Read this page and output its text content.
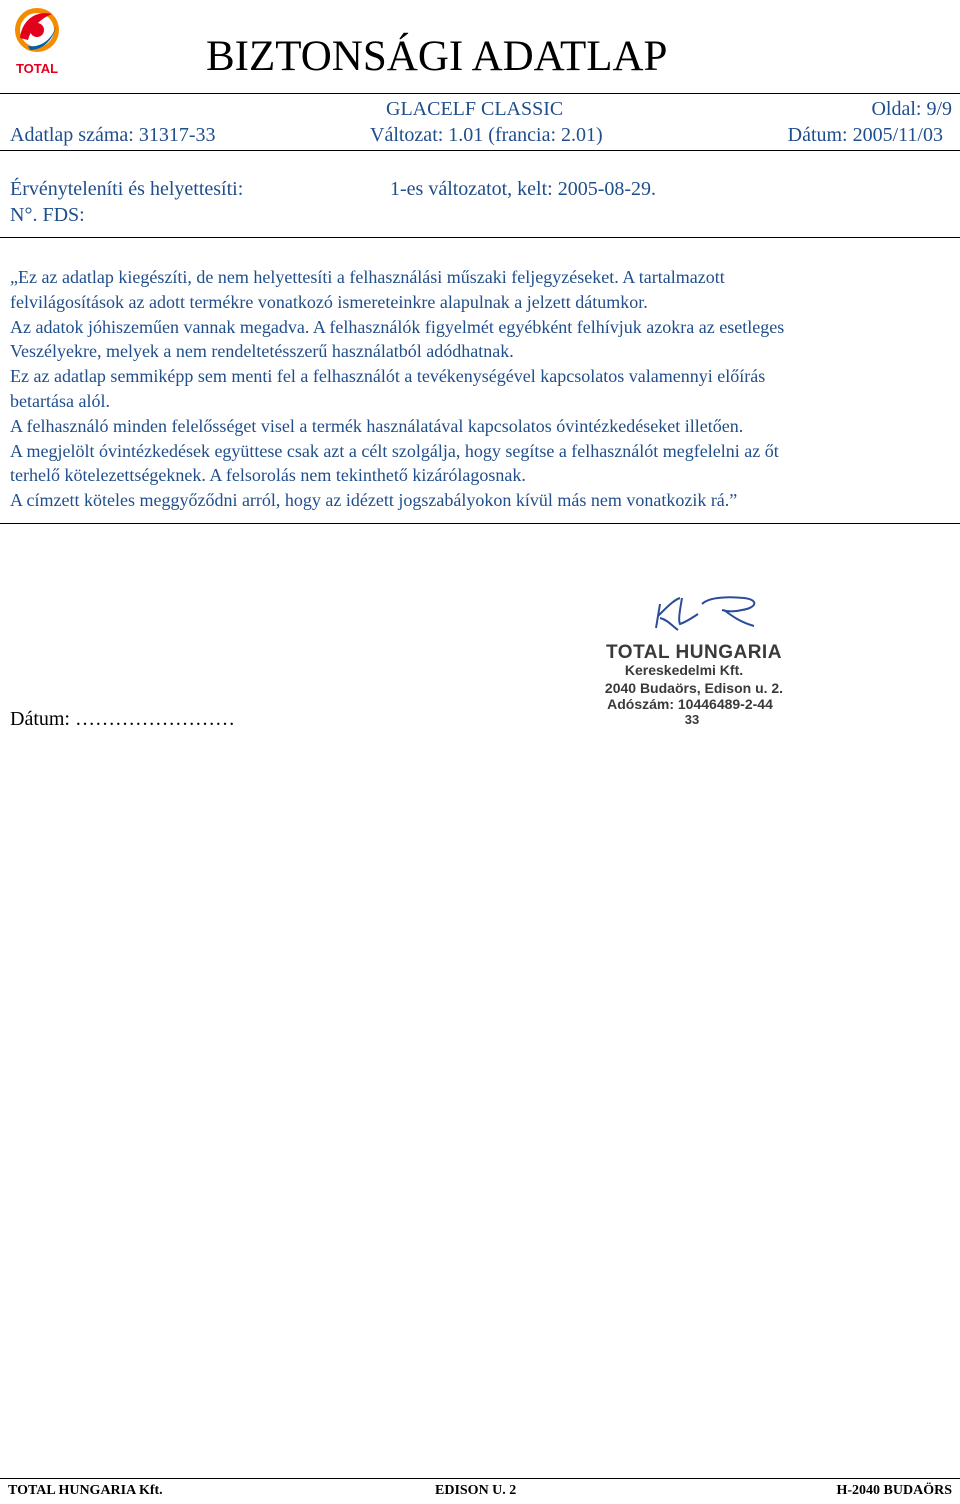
TOTAL	BIZTONSÁGI ADATLAP
GLACELF CLASSIC	Oldal: 9/9
Adatlap száma: 31317-33	Változat: 1.01 (francia: 2.01)	Dátum: 2005/11/03
Érvényteleníti és helyettesíti:	1-es változatot, kelt: 2005-08-29.
N°. FDS:
„Ez az adatlap kiegészíti, de nem helyettesíti a felhasználási műszaki feljegyzéseket. A tartalmazott
felvilágosítások az adott termékre vonatkozó ismereteinkre alapulnak a jelzett dátumkor.
Az adatok jóhiszeműen vannak megadva. A felhasználók figyelmét egyébként felhívjuk azokra az esetleges
Veszélyekre, melyek a nem rendeltetésszerű használatból adódhatnak.
Ez az adatlap semmiképp sem menti fel a felhasználót a tevékenységével kapcsolatos valamennyi előírás
betartása alól.
A felhasználó minden felelősséget visel a termék használatával kapcsolatos óvintézkedéseket illetően.
A megjelölt óvintézkedések együttese csak azt a célt szolgálja, hogy segítse a felhasználót megfelelni az őt
terhelő kötelezettségeknek. A felsorolás nem tekinthető kizárólagosnak.
A címzett köteles meggyőződni arról, hogy az idézett jogszabályokon kívül más nem vonatkozik rá.”
Dátum: ……………………
TOTAL HUNGARIA
Kereskedelmi Kft.
2040 Budaörs, Edison u. 2.
Adószám: 10446489-2-44
33
TOTAL HUNGARIA Kft.	EDISON U. 2	H-2040 BUDAÖRS
